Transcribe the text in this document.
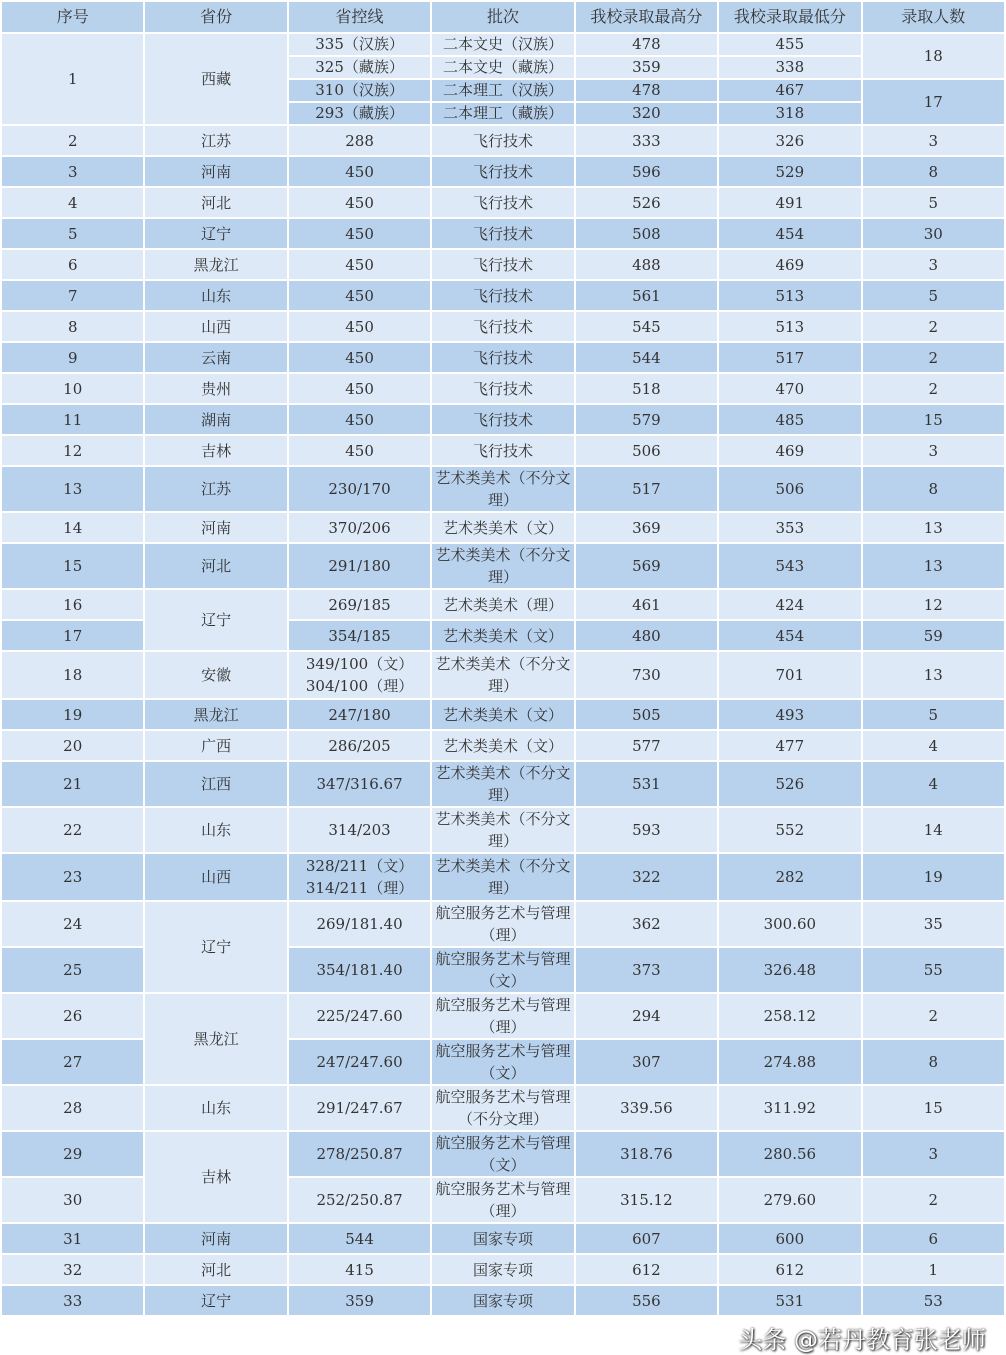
序号	省份	省控线	批次	我校录取最高分	我校录取最低分	录取人数
1	西藏	335（汉族）	二本文史（汉族）	478	455	18
		325（藏族）	二本文史（藏族）	359	338	
		310（汉族）	二本理工（汉族）	478	467	17
		293（藏族）	二本理工（藏族）	320	318	
2	江苏	288	飞行技术	333	326	3
3	河南	450	飞行技术	596	529	8
4	河北	450	飞行技术	526	491	5
5	辽宁	450	飞行技术	508	454	30
6	黑龙江	450	飞行技术	488	469	3
7	山东	450	飞行技术	561	513	5
8	山西	450	飞行技术	545	513	2
9	云南	450	飞行技术	544	517	2
10	贵州	450	飞行技术	518	470	2
11	湖南	450	飞行技术	579	485	15
12	吉林	450	飞行技术	506	469	3
13	江苏	230/170	艺术类美术（不分文理）	517	506	8
14	河南	370/206	艺术类美术（文）	369	353	13
15	河北	291/180	艺术类美术（不分文理）	569	543	13
16	辽宁	269/185	艺术类美术（理）	461	424	12
17		354/185	艺术类美术（文）	480	454	59
18	安徽	349/100（文）
304/100（理）	艺术类美术（不分文理）	730	701	13
19	黑龙江	247/180	艺术类美术（文）	505	493	5
20	广西	286/205	艺术类美术（文）	577	477	4
21	江西	347/316.67	艺术类美术（不分文理）	531	526	4
22	山东	314/203	艺术类美术（不分文理）	593	552	14
23	山西	328/211（文）
314/211（理）	艺术类美术（不分文理）	322	282	19
24	辽宁	269/181.40	航空服务艺术与管理（理）	362	300.60	35
25		354/181.40	航空服务艺术与管理（文）	373	326.48	55
26	黑龙江	225/247.60	航空服务艺术与管理（理）	294	258.12	2
27		247/247.60	航空服务艺术与管理（文）	307	274.88	8
28	山东	291/247.67	航空服务艺术与管理（不分文理）	339.56	311.92	15
29	吉林	278/250.87	航空服务艺术与管理（文）	318.76	280.56	3
30		252/250.87	航空服务艺术与管理（理）	315.12	279.60	2
31	河南	544	国家专项	607	600	6
32	河北	415	国家专项	612	612	1
33	辽宁	359	国家专项	556	531	53
头条 @若丹教育张老师
